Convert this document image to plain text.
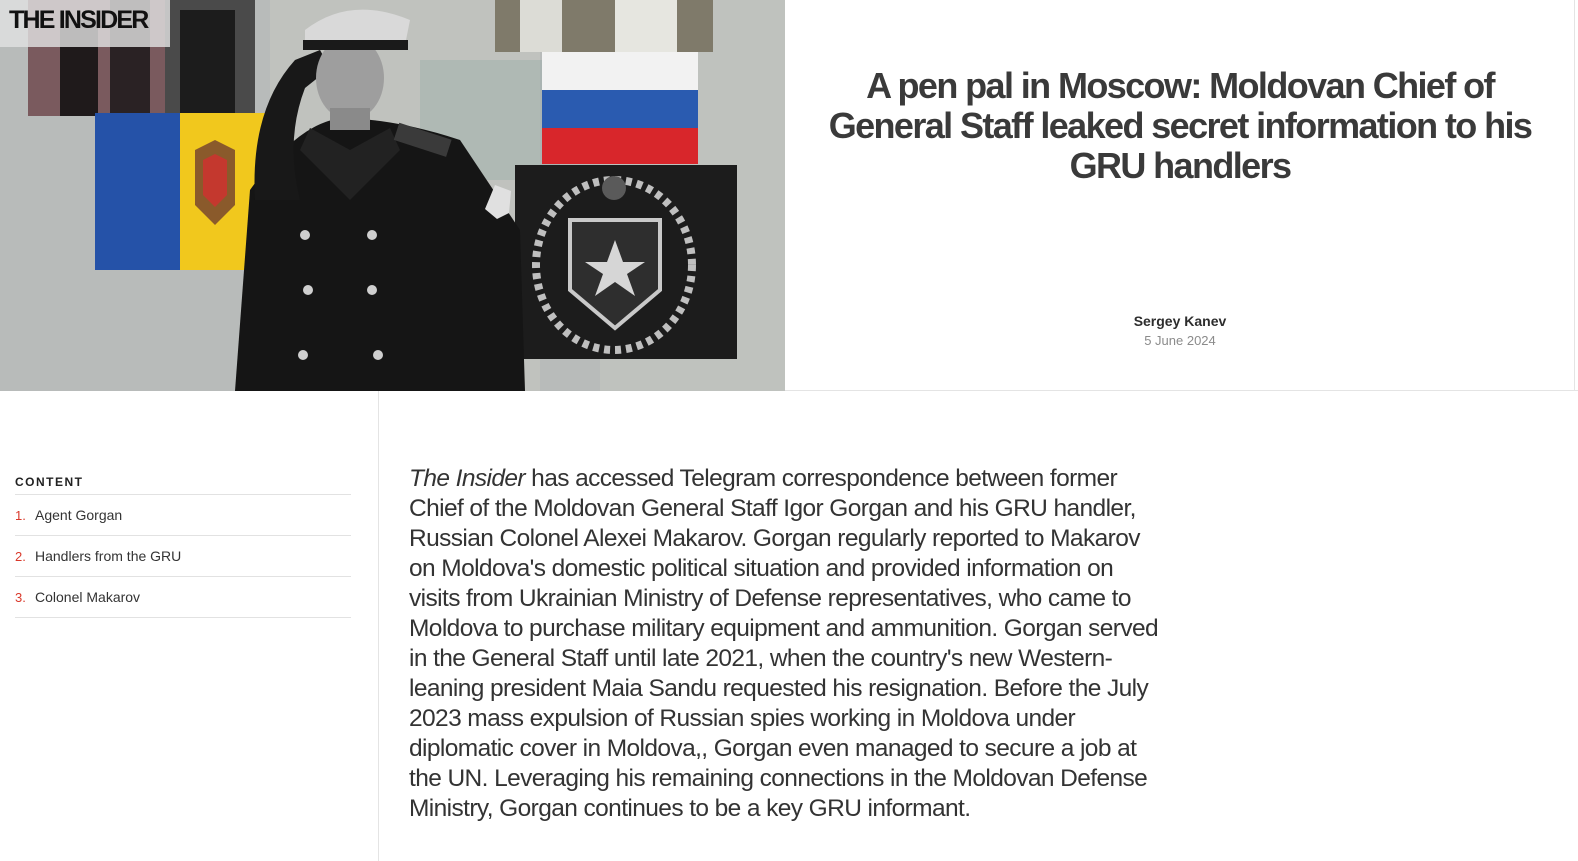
THE INSIDER
A pen pal in Moscow: Moldovan Chief of General Staff leaked secret information to his GRU handlers
Sergey Kanev
5 June 2024
CONTENT
1. Agent Gorgan
2. Handlers from the GRU
3. Colonel Makarov

The Insider has accessed Telegram correspondence between former Chief of the Moldovan General Staff Igor Gorgan and his GRU handler, Russian Colonel Alexei Makarov. Gorgan regularly reported to Makarov on Moldova's domestic political situation and provided information on visits from Ukrainian Ministry of Defense representatives, who came to Moldova to purchase military equipment and ammunition. Gorgan served in the General Staff until late 2021, when the country's new Western-leaning president Maia Sandu requested his resignation. Before the July 2023 mass expulsion of Russian spies working in Moldova under diplomatic cover in Moldova,, Gorgan even managed to secure a job at the UN. Leveraging his remaining connections in the Moldovan Defense Ministry, Gorgan continues to be a key GRU informant.
